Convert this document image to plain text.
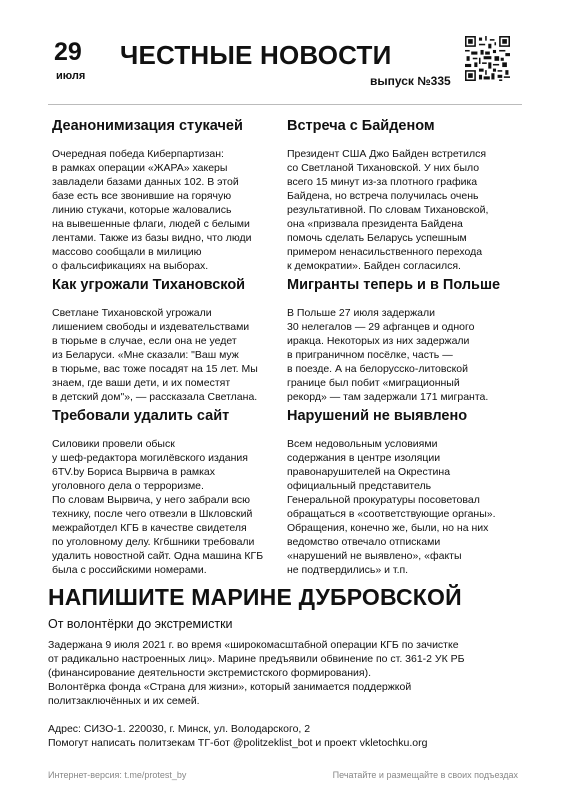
29
июля
ЧЕСТНЫЕ НОВОСТИ
выпуск №335
Деанонимизация стукачей

Очередная победа Киберпартизан:
в рамках операции «ЖАРА» хакеры
завладели базами данных 102. В этой
базе есть все звонившие на горячую
линию стукачи, которые жаловались
на вывешенные флаги, людей с белыми
лентами. Также из базы видно, что люди
массово сообщали в милицию
о фальсификациях на выборах.

Встреча с Байденом

Президент США Джо Байден встретился
со Светланой Тихановской. У них было
всего 15 минут из-за плотного графика
Байдена, но встреча получилась очень
результативной. По словам Тихановской,
она «призвала президента Байдена
помочь сделать Беларусь успешным
примером ненасильственного перехода
к демократии». Байден согласился.

Как угрожали Тихановской

Светлане Тихановской угрожали
лишением свободы и издевательствами
в тюрьме в случае, если она не уедет
из Беларуси. «Мне сказали: "Ваш муж
в тюрьме, вас тоже посадят на 15 лет. Мы
знаем, где ваши дети, и их поместят
в детский дом"», — рассказала Светлана.

Мигранты теперь и в Польше

В Польше 27 июля задержали
30 нелегалов — 29 афганцев и одного
иракца. Некоторых из них задержали
в приграничном посёлке, часть —
в поезде. А на белорусско-литовской
границе был побит «миграционный
рекорд» — там задержали 171 мигранта.

Требовали удалить сайт

Силовики провели обыск
у шеф-редактора могилёвского издания
6TV.by Бориса Вырвича в рамках
уголовного дела о терроризме.
По словам Вырвича, у него забрали всю
технику, после чего отвезли в Шкловский
межрайотдел КГБ в качестве свидетеля
по уголовному делу. Кгбшники требовали
удалить новостной сайт. Одна машина КГБ
была с российскими номерами.

Нарушений не выявлено

Всем недовольным условиями
содержания в центре изоляции
правонарушителей на Окрестина
официальный представитель
Генеральной прокуратуры посоветовал
обращаться в «соответствующие органы».
Обращения, конечно же, были, но на них
ведомство отвечало отписками
«нарушений не выявлено», «факты
не подтвердились» и т.п.

НАПИШИТЕ МАРИНЕ ДУБРОВСКОЙ
От волонтёрки до экстремистки

Задержана 9 июля 2021 г. во время «широкомасштабной операции КГБ по зачистке
от радикально настроенных лиц». Марине предъявили обвинение по ст. 361-2 УК РБ
(финансирование деятельности экстремистского формирования).
Волонтёрка фонда «Страна для жизни», который занимается поддержкой
политзаключённых и их семей.

Адрес: СИЗО-1. 220030, г. Минск, ул. Володарского, 2
Помогут написать политзекам ТГ-бот @politzeklist_bot и проект vkletochku.org

Интернет-версия: t.me/protest_by	Печатайте и размещайте в своих подъездах
